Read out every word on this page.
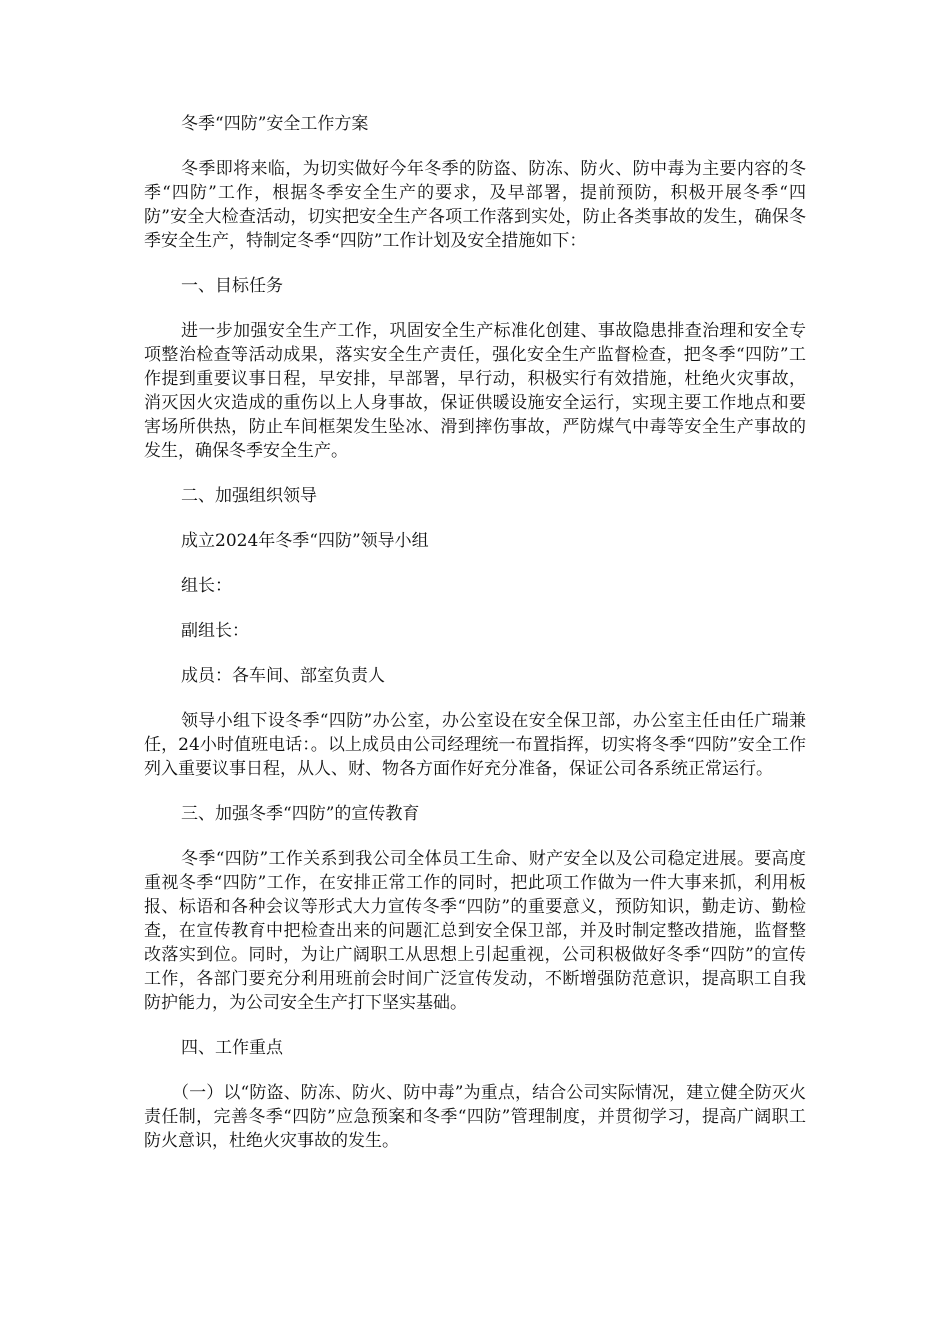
冬季“四防”安全工作方案

冬季即将来临，为切实做好今年冬季的防盗、防冻、防火、防中毒为主要内容的冬季“四防”工作，根据冬季安全生产的要求，及早部署，提前预防，积极开展冬季“四防”安全大检查活动，切实把安全生产各项工作落到实处，防止各类事故的发生，确保冬季安全生产，特制定冬季“四防”工作计划及安全措施如下：

一、目标任务

进一步加强安全生产工作，巩固安全生产标准化创建、事故隐患排查治理和安全专项整治检查等活动成果，落实安全生产责任，强化安全生产监督检查，把冬季“四防”工作提到重要议事日程，早安排，早部署，早行动，积极实行有效措施，杜绝火灾事故，消灭因火灾造成的重伤以上人身事故，保证供暖设施安全运行，实现主要工作地点和要害场所供热，防止车间框架发生坠冰、滑到摔伤事故，严防煤气中毒等安全生产事故的发生，确保冬季安全生产。

二、加强组织领导

成立2024年冬季“四防”领导小组

组长：

副组长：

成员：各车间、部室负责人

领导小组下设冬季“四防”办公室，办公室设在安全保卫部，办公室主任由任广瑞兼任，24小时值班电话：。以上成员由公司经理统一布置指挥，切实将冬季“四防”安全工作列入重要议事日程，从人、财、物各方面作好充分准备，保证公司各系统正常运行。

三、加强冬季“四防”的宣传教育

冬季“四防”工作关系到我公司全体员工生命、财产安全以及公司稳定进展。要高度重视冬季“四防”工作，在安排正常工作的同时，把此项工作做为一件大事来抓，利用板报、标语和各种会议等形式大力宣传冬季“四防”的重要意义，预防知识，勤走访、勤检查，在宣传教育中把检查出来的问题汇总到安全保卫部，并及时制定整改措施，监督整改落实到位。同时，为让广阔职工从思想上引起重视，公司积极做好冬季“四防”的宣传工作，各部门要充分利用班前会时间广泛宣传发动，不断增强防范意识，提高职工自我防护能力，为公司安全生产打下坚实基础。

四、工作重点

（一）以“防盗、防冻、防火、防中毒”为重点，结合公司实际情况，建立健全防灭火责任制，完善冬季“四防”应急预案和冬季“四防”管理制度，并贯彻学习，提高广阔职工防火意识，杜绝火灾事故的发生。
